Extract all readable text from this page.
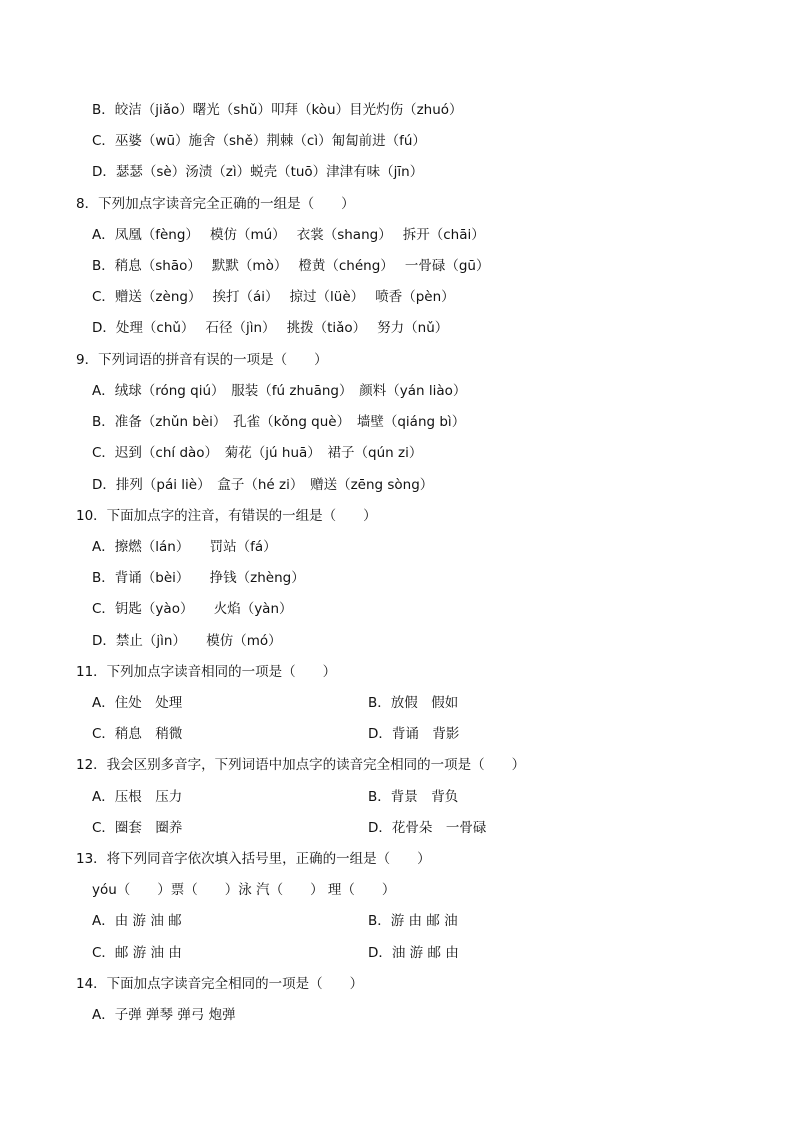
B．皎洁（jiǎo）曙光（shǔ）叩拜（kòu）目光灼伤（zhuó）
C．巫婆（wū）施舍（shě）荆棘（cì）匍匐前进（fú）
D．瑟瑟（sè）汤渍（zì）蜕壳（tuō）津津有味（jīn）
8．下列加点字读音完全正确的一组是（　　）
A．凤凰（fèng）　 模仿（mú）　 衣裳（shang）　 拆开（chāi）
B．稍息（shāo）　 默默（mò）　 橙黄（chéng）　 一骨碌（gū）
C．赠送（zèng）　 挨打（ái）　 掠过（lüè）　 喷香（pèn）
D．处理（chǔ）　 石径（jìn）　 挑拨（tiǎo）　 努力（nǔ）
9．下列词语的拼音有误的一项是（　　）
A．绒球（róng qiú）　服装（fú zhuāng）　颜料（yán liào）
B．准备（zhǔn bèi）　孔雀（kǒng què）　墙壁（qiáng bì）
C．迟到（chí dào）　菊花（jú huā）　裙子（qún zi）
D．排列（pái liè）　盒子（hé zi）　赠送（zēng sòng）
10．下面加点字的注音，有错误的一组是（　　）
A．擦燃（lán）　　罚站（fá）
B．背诵（bèi）　　挣钱（zhèng）
C．钥匙（yào）　　火焰（yàn）
D．禁止（jìn）　　模仿（mó）
11．下列加点字读音相同的一项是（　　）
A．住处　处理	B．放假　假如
C．稍息　稍微	D．背诵　背影
12．我会区别多音字，下列词语中加点字的读音完全相同的一项是（　　）
A．压根　压力	B．背景　背负
C．圈套　圈养	D．花骨朵　一骨碌
13．将下列同音字依次填入括号里，正确的一组是（　　）
yóu（　　）票（　　）泳 汽（　　） 理（　　）
A．由 游 油 邮	B．游 由 邮 油
C．邮 游 油 由	D．油 游 邮 由
14．下面加点字读音完全相同的一项是（　　）
A．子弹 弹琴 弹弓 炮弹
